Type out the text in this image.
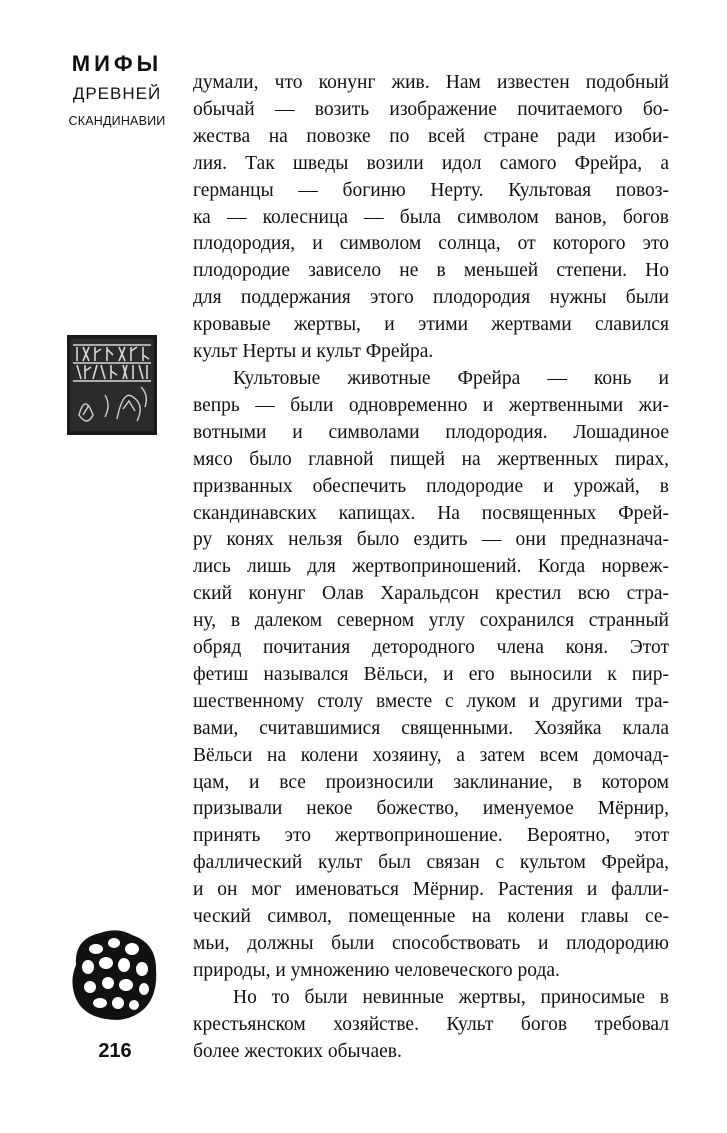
МИФЫ
ДРЕВНЕЙ
СКАНДИНАВИИ
216
думали, что конунг жив. Нам известен подобный
обычай — возить изображение почитаемого бо-
жества на повозке по всей стране ради изоби-
лия. Так шведы возили идол самого Фрейра, а
германцы — богиню Нерту. Культовая повоз-
ка — колесница — была символом ванов, богов
плодородия, и символом солнца, от которого это
плодородие зависело не в меньшей степени. Но
для поддержания этого плодородия нужны были
кровавые жертвы, и этими жертвами славился
культ Нерты и культ Фрейра.
Культовые животные Фрейра — конь и
вепрь — были одновременно и жертвенными жи-
вотными и символами плодородия. Лошадиное
мясо было главной пищей на жертвенных пирах,
призванных обеспечить плодородие и урожай, в
скандинавских капищах. На посвященных Фрей-
ру конях нельзя было ездить — они предназнача-
лись лишь для жертвоприношений. Когда норвеж-
ский конунг Олав Харальдсон крестил всю стра-
ну, в далеком северном углу сохранился странный
обряд почитания детородного члена коня. Этот
фетиш назывался Вёльси, и его выносили к пир-
шественному столу вместе с луком и другими тра-
вами, считавшимися священными. Хозяйка клала
Вёльси на колени хозяину, а затем всем домочад-
цам, и все произносили заклинание, в котором
призывали некое божество, именуемое Мёрнир,
принять это жертвоприношение. Вероятно, этот
фаллический культ был связан с культом Фрейра,
и он мог именоваться Мёрнир. Растения и фалли-
ческий символ, помещенные на колени главы се-
мьи, должны были способствовать и плодородию
природы, и умножению человеческого рода.
Но то были невинные жертвы, приносимые в
крестьянском хозяйстве. Культ богов требовал
более жестоких обычаев.
